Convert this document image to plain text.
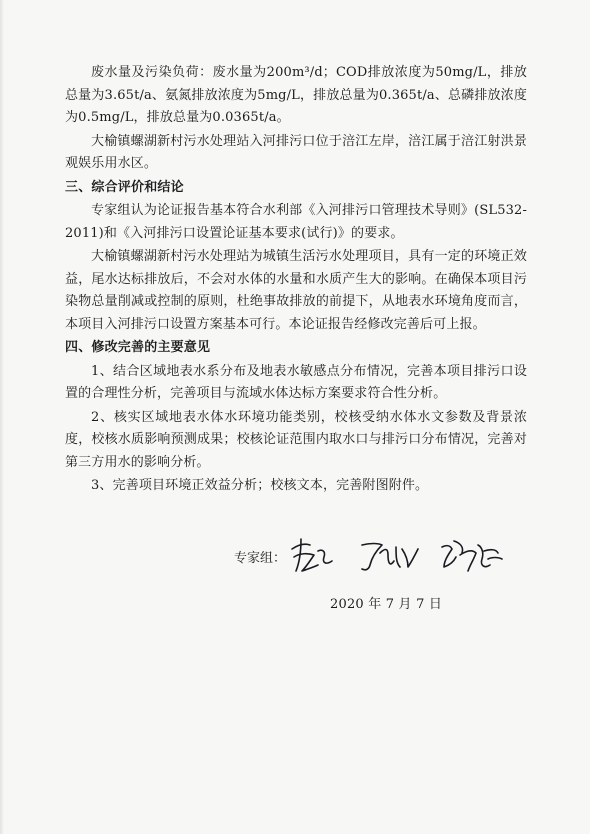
废水量及污染负荷：废水量为200m³/d；COD排放浓度为50mg/L，排放总量为3.65t/a、氨氮排放浓度为5mg/L，排放总量为0.365t/a、总磷排放浓度为0.5mg/L，排放总量为0.0365t/a。

大榆镇螺湖新村污水处理站入河排污口位于涪江左岸，涪江属于涪江射洪景观娱乐用水区。

三、综合评价和结论

专家组认为论证报告基本符合水利部《入河排污口管理技术导则》(SL532-2011)和《入河排污口设置论证基本要求(试行)》的要求。

大榆镇螺湖新村污水处理站为城镇生活污水处理项目，具有一定的环境正效益，尾水达标排放后，不会对水体的水量和水质产生大的影响。在确保本项目污染物总量削减或控制的原则，杜绝事故排放的前提下，从地表水环境角度而言，本项目入河排污口设置方案基本可行。本论证报告经修改完善后可上报。

四、修改完善的主要意见

1、结合区域地表水系分布及地表水敏感点分布情况，完善本项目排污口设置的合理性分析，完善项目与流域水体达标方案要求符合性分析。

2、核实区域地表水体水环境功能类别，校核受纳水体水文参数及背景浓度，校核水质影响预测成果；校核论证范围内取水口与排污口分布情况，完善对第三方用水的影响分析。

3、完善项目环境正效益分析；校核文本，完善附图附件。

专家组：
2020 年 7 月 7 日
